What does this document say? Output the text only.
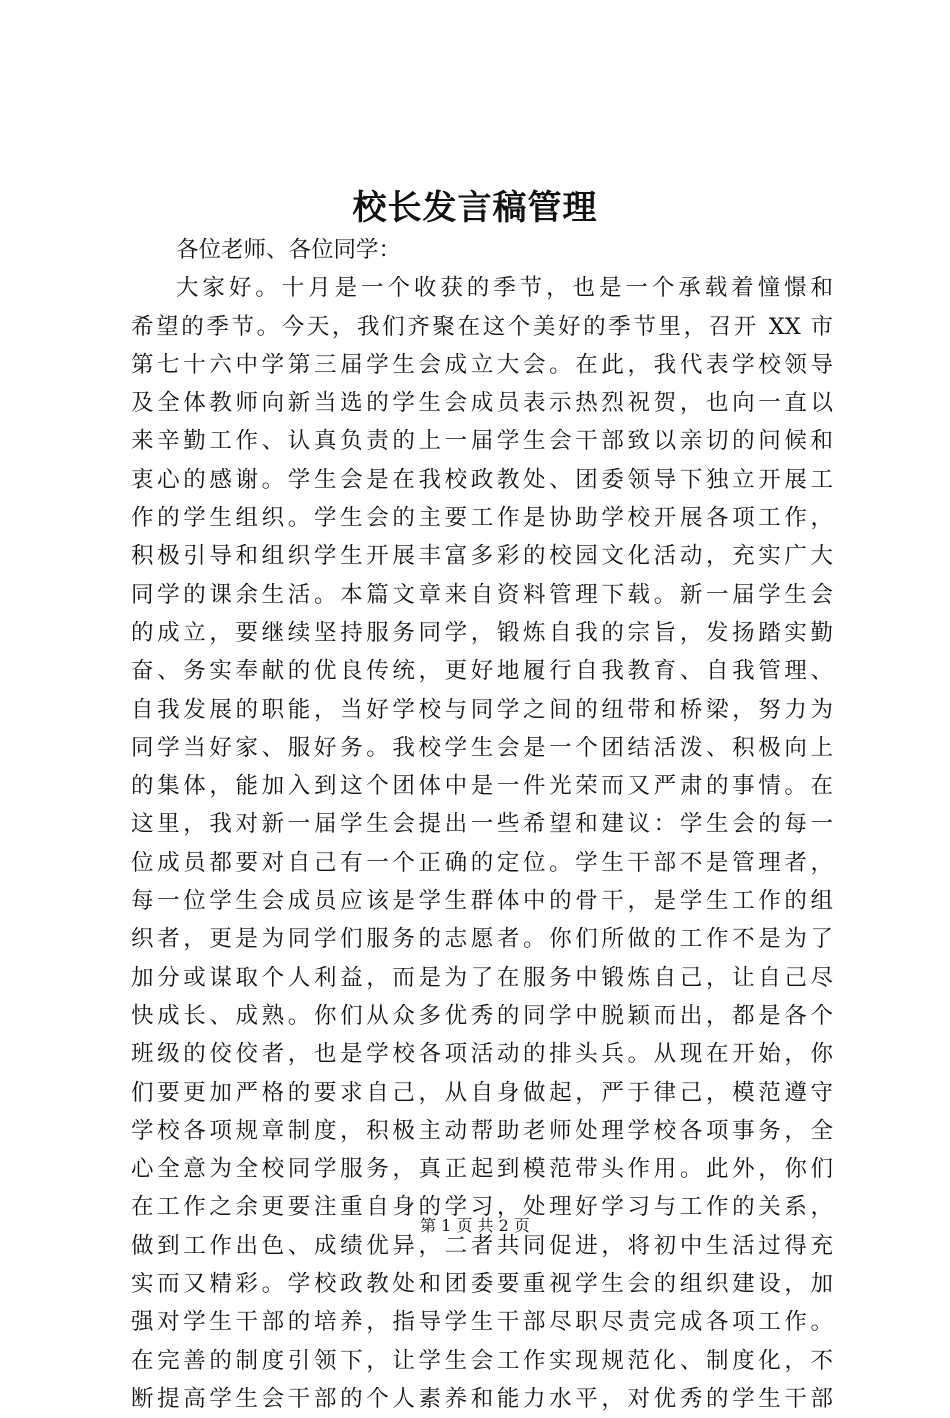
校长发言稿管理
各位老师、各位同学：
大家好。十月是一个收获的季节，也是一个承载着憧憬和
希望的季节。今天，我们齐聚在这个美好的季节里，召开 XX 市
第七十六中学第三届学生会成立大会。在此，我代表学校领导
及全体教师向新当选的学生会成员表示热烈祝贺，也向一直以
来辛勤工作、认真负责的上一届学生会干部致以亲切的问候和
衷心的感谢。学生会是在我校政教处、团委领导下独立开展工
作的学生组织。学生会的主要工作是协助学校开展各项工作，
积极引导和组织学生开展丰富多彩的校园文化活动，充实广大
同学的课余生活。本篇文章来自资料管理下载。新一届学生会
的成立，要继续坚持服务同学，锻炼自我的宗旨，发扬踏实勤
奋、务实奉献的优良传统，更好地履行自我教育、自我管理、
自我发展的职能，当好学校与同学之间的纽带和桥梁，努力为
同学当好家、服好务。我校学生会是一个团结活泼、积极向上
的集体，能加入到这个团体中是一件光荣而又严肃的事情。在
这里，我对新一届学生会提出一些希望和建议：学生会的每一
位成员都要对自己有一个正确的定位。学生干部不是管理者，
每一位学生会成员应该是学生群体中的骨干，是学生工作的组
织者，更是为同学们服务的志愿者。你们所做的工作不是为了
加分或谋取个人利益，而是为了在服务中锻炼自己，让自己尽
快成长、成熟。你们从众多优秀的同学中脱颖而出，都是各个
班级的佼佼者，也是学校各项活动的排头兵。从现在开始，你
们要更加严格的要求自己，从自身做起，严于律己，模范遵守
学校各项规章制度，积极主动帮助老师处理学校各项事务，全
心全意为全校同学服务，真正起到模范带头作用。此外，你们
在工作之余更要注重自身的学习，处理好学习与工作的关系，
做到工作出色、成绩优异，二者共同促进，将初中生活过得充
实而又精彩。学校政教处和团委要重视学生会的组织建设，加
强对学生干部的培养，指导学生干部尽职尽责完成各项工作。
在完善的制度引领下，让学生会工作实现规范化、制度化，不
断提高学生会干部的个人素养和能力水平，对优秀的学生干部
第 1 页 共 2 页
